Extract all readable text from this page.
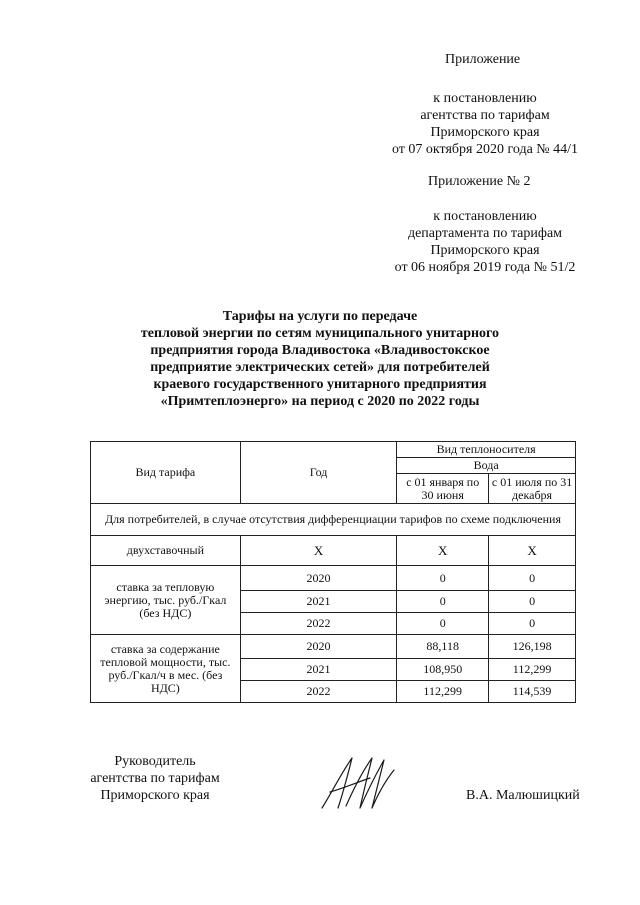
Приложение
к постановлению
агентства по тарифам
Приморского края
от 07 октября 2020 года № 44/1
Приложение № 2
к постановлению
департамента по тарифам
Приморского края
от 06 ноября 2019 года № 51/2
Тарифы на услуги по передаче
тепловой энергии по сетям муниципального унитарного
предприятия города Владивостока «Владивостокское
предприятие электрических сетей» для потребителей
краевого государственного унитарного предприятия
«Примтеплоэнерго» на период с 2020 по 2022 годы
Вид тарифа	Год	Вид теплоносителя	
		Вода	
		с 01 января по 30 июня	с 01 июля по 31 декабря
Для потребителей, в случае отсутствия дифференциации тарифов по схеме подключения			
двухставочный	Х	Х	Х
ставка за тепловую энергию, тыс. руб./Гкал (без НДС)	2020	0	0
	2021	0	0
	2022	0	0
ставка за содержание тепловой мощности, тыс. руб./Гкал/ч в мес. (без НДС)	2020	88,118	126,198
	2021	108,950	112,299
	2022	112,299	114,539
Руководитель
агентства по тарифам
Приморского края	В.А. Малюшицкий
